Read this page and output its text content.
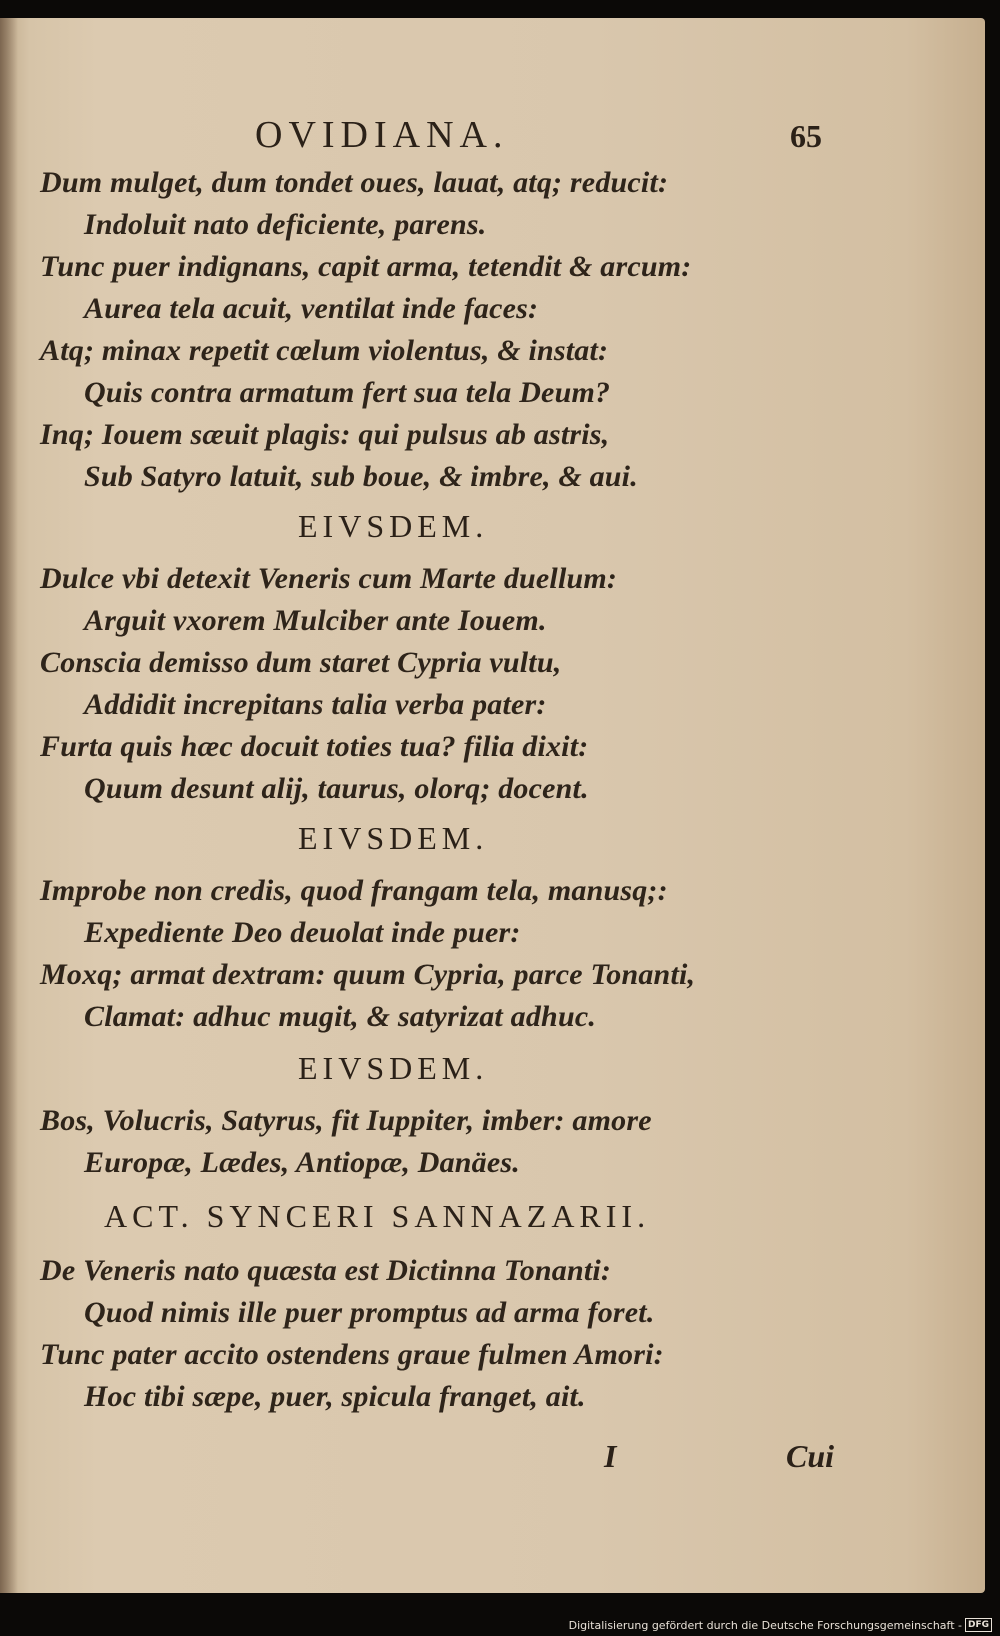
OVIDIANA.	65

Dum mulget, dum tondet oues, lauat, atq; reducit:

Indoluit nato deficiente, parens.

Tunc puer indignans, capit arma, tetendit & arcum:

Aurea tela acuit, ventilat inde faces:

Atq; minax repetit cœlum violentus, & instat:

Quis contra armatum fert sua tela Deum?

Inq; Iouem sæuit plagis: qui pulsus ab astris,

Sub Satyro latuit, sub boue, & imbre, & aui.

EIVSDEM.

Dulce vbi detexit Veneris cum Marte duellum:

Arguit vxorem Mulciber ante Iouem.

Conscia demisso dum staret Cypria vultu,

Addidit increpitans talia verba pater:

Furta quis hæc docuit toties tua? filia dixit:

Quum desunt alij, taurus, olorq; docent.

EIVSDEM.

Improbe non credis, quod frangam tela, manusq;:

Expediente Deo deuolat inde puer:

Moxq; armat dextram: quum Cypria, parce Tonanti,

Clamat: adhuc mugit, & satyrizat adhuc.

EIVSDEM.

Bos, Volucris, Satyrus, fit Iuppiter, imber: amore

Europæ, Lædes, Antiopæ, Danäes.

ACT. SYNCERI SANNAZARII.

De Veneris nato quæsta est Dictinna Tonanti:

Quod nimis ille puer promptus ad arma foret.

Tunc pater accito ostendens graue fulmen Amori:

Hoc tibi sæpe, puer, spicula franget, ait.

I	Cui
Digitalisierung gefördert durch die Deutsche Forschungsgemeinschaft - DFG
